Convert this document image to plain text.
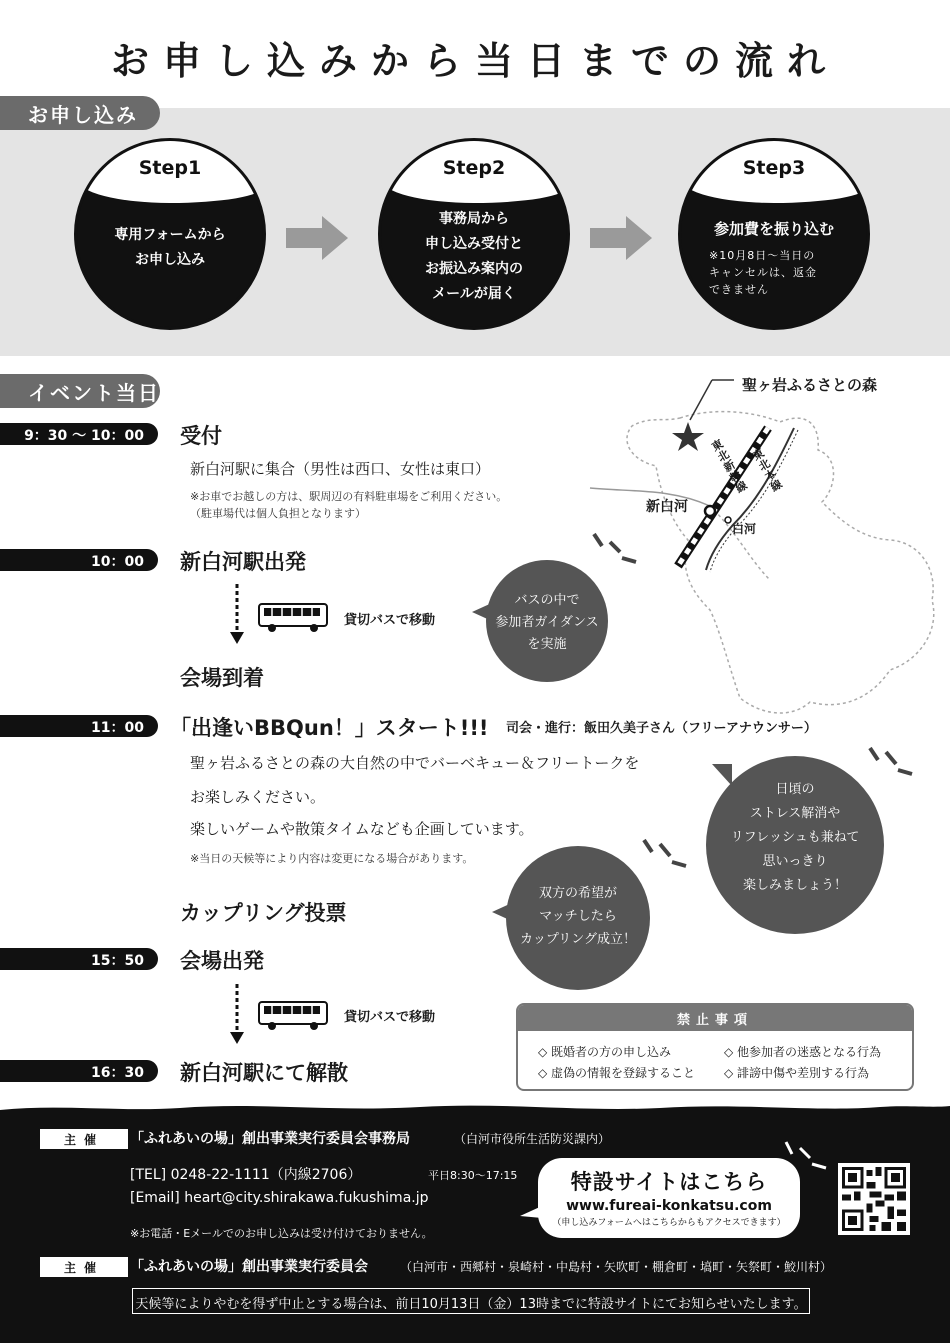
お申し込みから当日までの流れ
お申し込み
Step1
専用フォームから
お申し込み
Step2
事務局から
申し込み受付と
お振込み案内の
メールが届く
Step3
参加費を振り込む
※10月8日〜当日の
キャンセルは、返金
できません
イベント当日	聖ヶ岩ふるさとの森
新白河
白河
東北新幹線
東北本線
9：30 〜 10：00	受付
新白河駅に集合（男性は西口、女性は東口）
※お車でお越しの方は、駅周辺の有料駐車場をご利用ください。
（駐車場代は個人負担となります）
10：00	新白河駅出発
貸切バスで移動
会場到着
バスの中で
参加者ガイダンス
を実施
11：00	「出逢いBBQun！」スタート!!! 司会・進行：飯田久美子さん（フリーアナウンサー）
聖ヶ岩ふるさとの森の大自然の中でバーベキュー＆フリートークを
お楽しみください。
楽しいゲームや散策タイムなども企画しています。
※当日の天候等により内容は変更になる場合があります。
カップリング投票
日頃の
ストレス解消や
リフレッシュも兼ねて
思いっきり
楽しみましょう！
双方の希望が
マッチしたら
カップリング成立！
15：50	会場出発
貸切バスで移動
16：30	新白河駅にて解散
禁止事項
◇ 既婚者の方の申し込み	◇ 他参加者の迷惑となる行為
◇ 虚偽の情報を登録すること ◇ 誹謗中傷や差別する行為
主催	「ふれあいの場」創出事業実行委員会事務局	（白河市役所生活防災課内）
[TEL] 0248-22-1111（内線2706）	平日8:30〜17:15
[Email] heart@city.shirakawa.fukushima.jp
※お電話・Eメールでのお申し込みは受け付けておりません。
特設サイトはこちら
www.fureai-konkatsu.com
（申し込みフォームへはこちらからもアクセスできます）
主催	「ふれあいの場」創出事業実行委員会	（白河市・西郷村・泉崎村・中島村・矢吹町・棚倉町・塙町・矢祭町・鮫川村）
天候等によりやむを得ず中止とする場合は、前日10月13日（金）13時までに特設サイトにてお知らせいたします。
